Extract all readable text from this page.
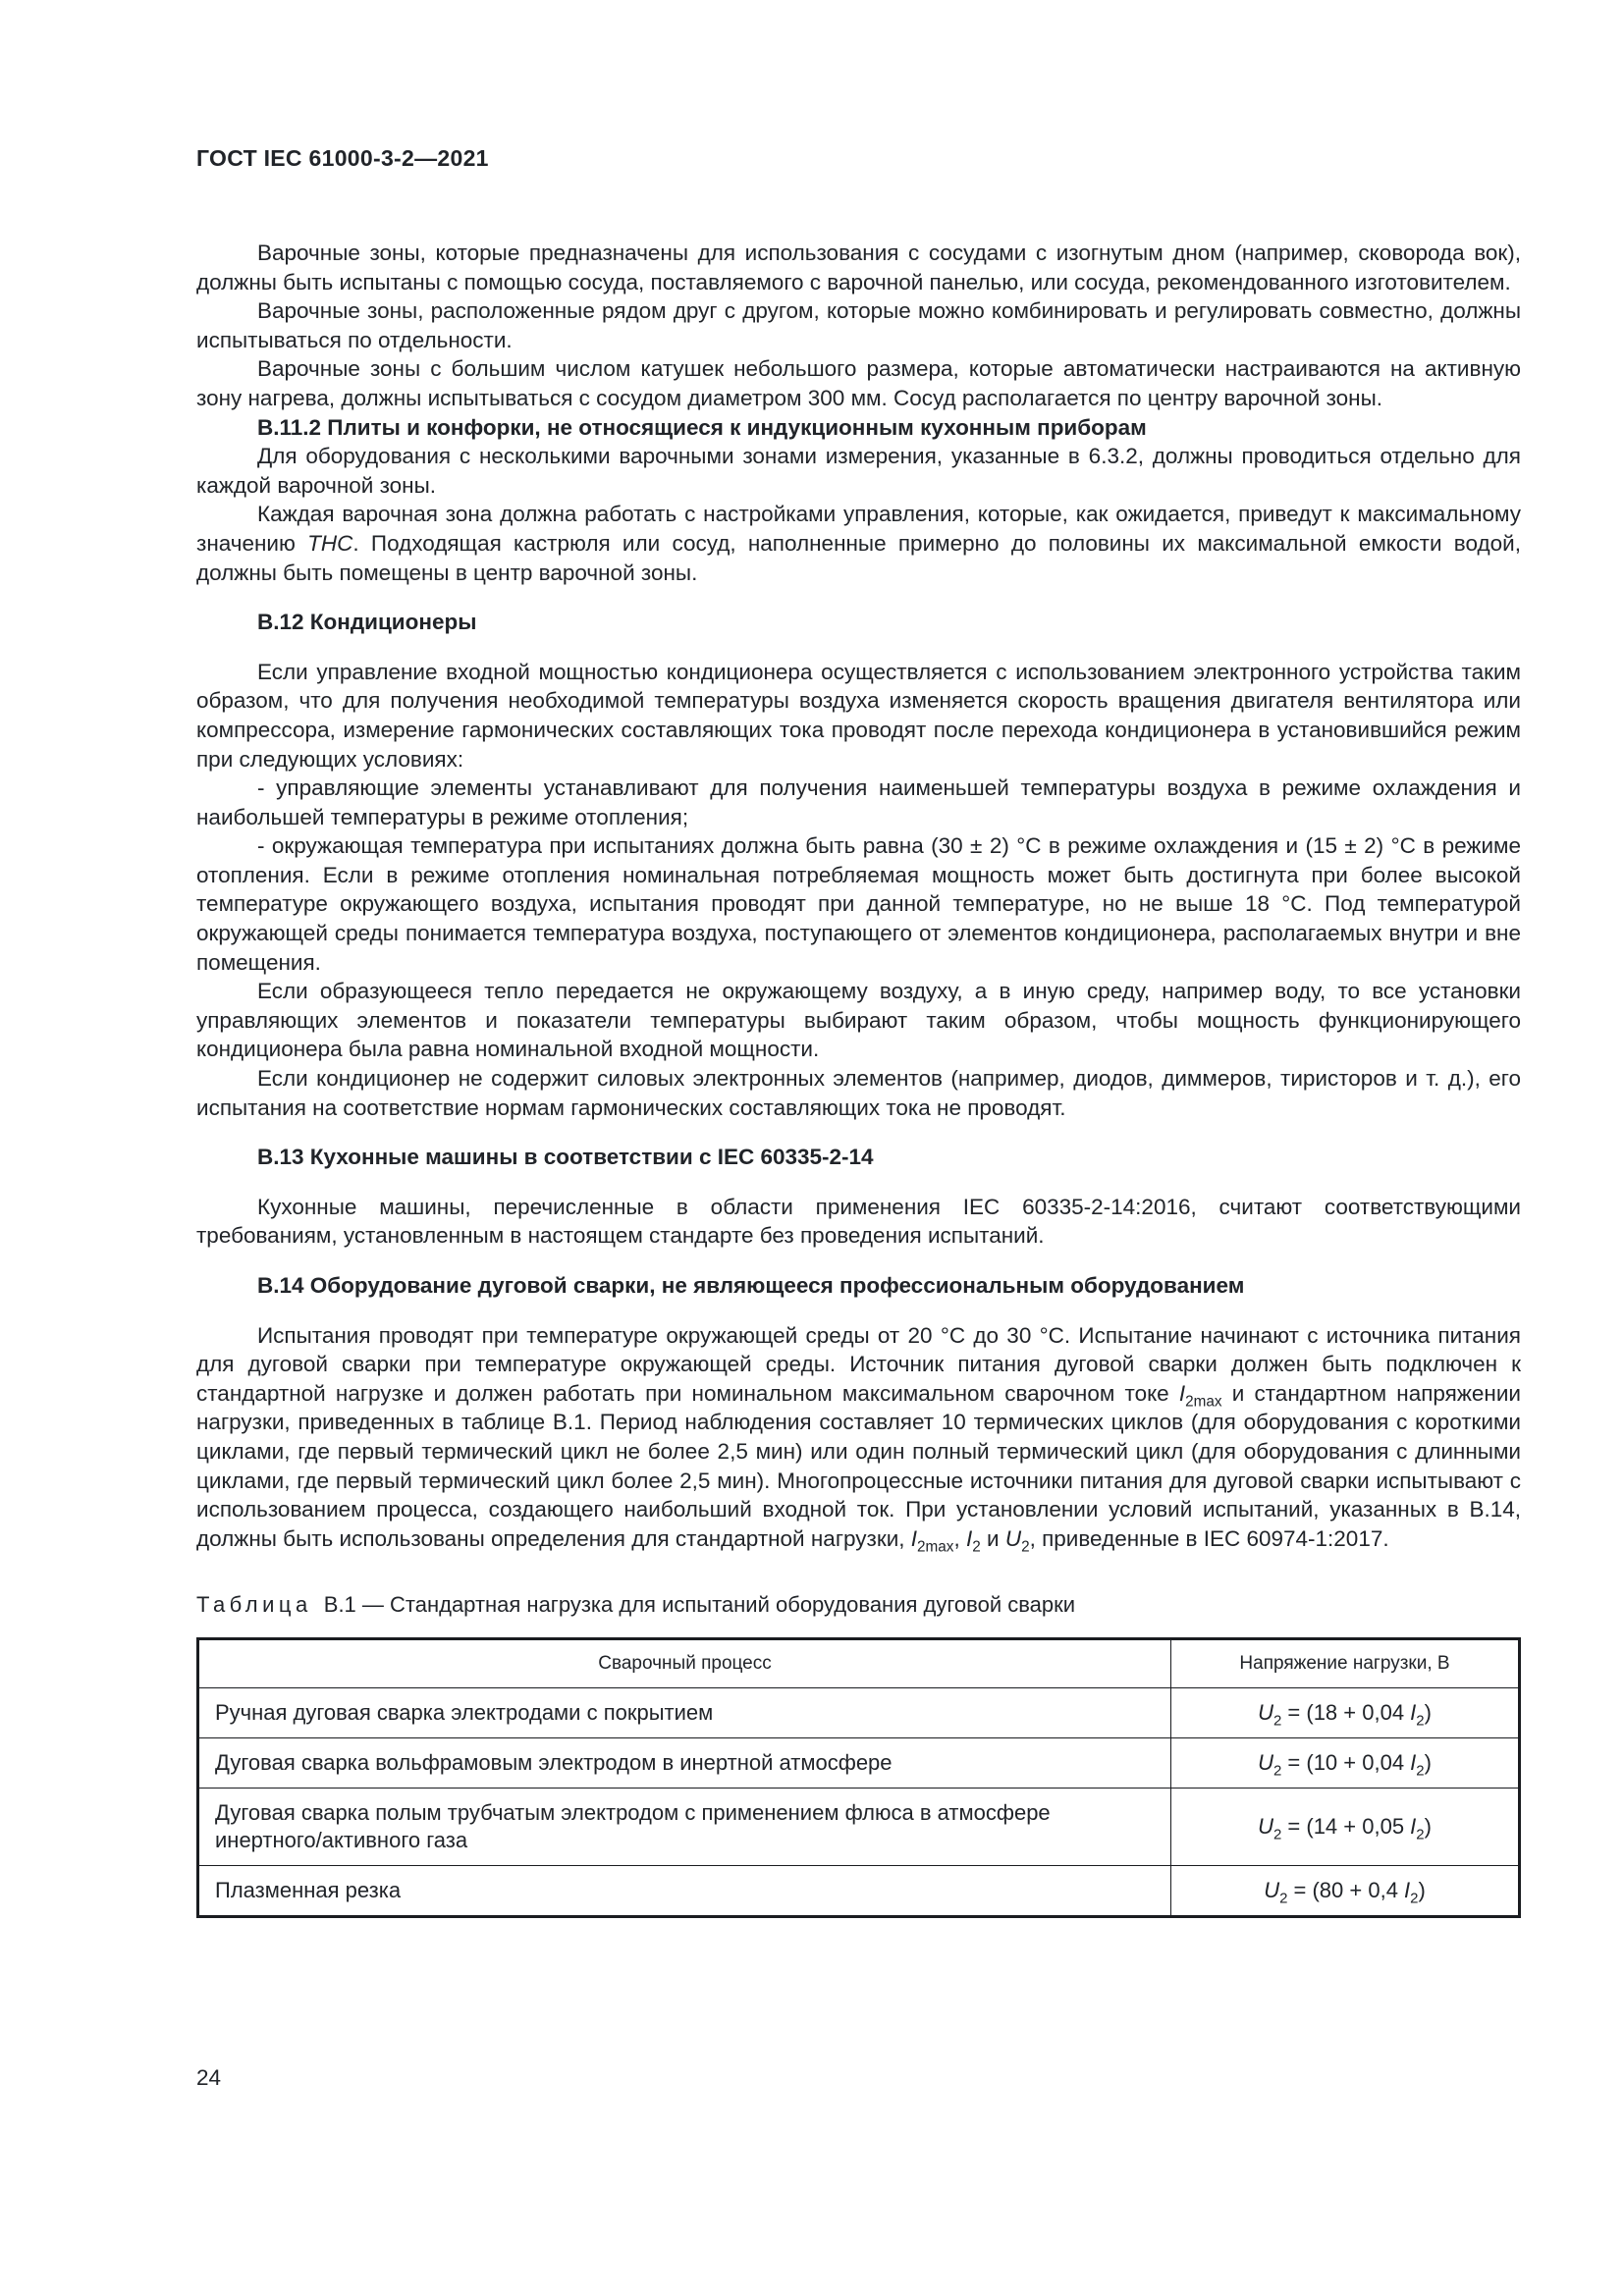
ГОСТ IEC 61000-3-2—2021

Варочные зоны, которые предназначены для использования с сосудами с изогнутым дном (например, сковорода вок), должны быть испытаны с помощью сосуда, поставляемого с варочной панелью, или сосуда, рекомендованного изготовителем.

Варочные зоны, расположенные рядом друг с другом, которые можно комбинировать и регулировать совместно, должны испытываться по отдельности.

Варочные зоны с большим числом катушек небольшого размера, которые автоматически настраиваются на активную зону нагрева, должны испытываться с сосудом диаметром 300 мм. Сосуд располагается по центру варочной зоны.

В.11.2 Плиты и конфорки, не относящиеся к индукционным кухонным приборам

Для оборудования с несколькими варочными зонами измерения, указанные в 6.3.2, должны проводиться отдельно для каждой варочной зоны.

Каждая варочная зона должна работать с настройками управления, которые, как ожидается, приведут к максимальному значению THC. Подходящая кастрюля или сосуд, наполненные примерно до половины их максимальной емкости водой, должны быть помещены в центр варочной зоны.

В.12 Кондиционеры

Если управление входной мощностью кондиционера осуществляется с использованием электронного устройства таким образом, что для получения необходимой температуры воздуха изменяется скорость вращения двигателя вентилятора или компрессора, измерение гармонических составляющих тока проводят после перехода кондиционера в установившийся режим при следующих условиях:

- управляющие элементы устанавливают для получения наименьшей температуры воздуха в режиме охлаждения и наибольшей температуры в режиме отопления;

- окружающая температура при испытаниях должна быть равна (30 ± 2) °С в режиме охлаждения и (15 ± 2) °С в режиме отопления. Если в режиме отопления номинальная потребляемая мощность может быть достигнута при более высокой температуре окружающего воздуха, испытания проводят при данной температуре, но не выше 18 °С. Под температурой окружающей среды понимается температура воздуха, поступающего от элементов кондиционера, располагаемых внутри и вне помещения.

Если образующееся тепло передается не окружающему воздуху, а в иную среду, например воду, то все установки управляющих элементов и показатели температуры выбирают таким образом, чтобы мощность функционирующего кондиционера была равна номинальной входной мощности.

Если кондиционер не содержит силовых электронных элементов (например, диодов, диммеров, тиристоров и т. д.), его испытания на соответствие нормам гармонических составляющих тока не проводят.

В.13 Кухонные машины в соответствии с IEC 60335-2-14

Кухонные машины, перечисленные в области применения IEC 60335-2-14:2016, считают соответствующими требованиям, установленным в настоящем стандарте без проведения испытаний.

В.14 Оборудование дуговой сварки, не являющееся профессиональным оборудованием

Испытания проводят при температуре окружающей среды от 20 °С до 30 °С. Испытание начинают с источника питания для дуговой сварки при температуре окружающей среды. Источник питания дуговой сварки должен быть подключен к стандартной нагрузке и должен работать при номинальном максимальном сварочном токе $I_{2max}$ и стандартном напряжении нагрузки, приведенных в таблице В.1. Период наблюдения составляет 10 термических циклов (для оборудования с короткими циклами, где первый термический цикл не более 2,5 мин) или один полный термический цикл (для оборудования с длинными циклами, где первый термический цикл более 2,5 мин). Многопроцессные источники питания для дуговой сварки испытывают с использованием процесса, создающего наибольший входной ток. При установлении условий испытаний, указанных в В.14, должны быть использованы определения для стандартной нагрузки, $I_{2max}$, $I_2$ и $U_2$, приведенные в IEC 60974-1:2017.

Таблица В.1 — Стандартная нагрузка для испытаний оборудования дуговой сварки

Сварочный процесс	Напряжение нагрузки, В
Ручная дуговая сварка электродами с покрытием	$U_2 = (18 + 0,04$ $I_2$)
Дуговая сварка вольфрамовым электродом в инертной атмосфере	$U_2 = (10 + 0,04$ $I_2$)
Дуговая сварка полым трубчатым электродом с применением флюса в атмосфере инертного/активного газа	$U_2 = (14 + 0,05$ $I_2$)
Плазменная резка	$U_2 = (80 + 0,4$ $I_2$)
24
